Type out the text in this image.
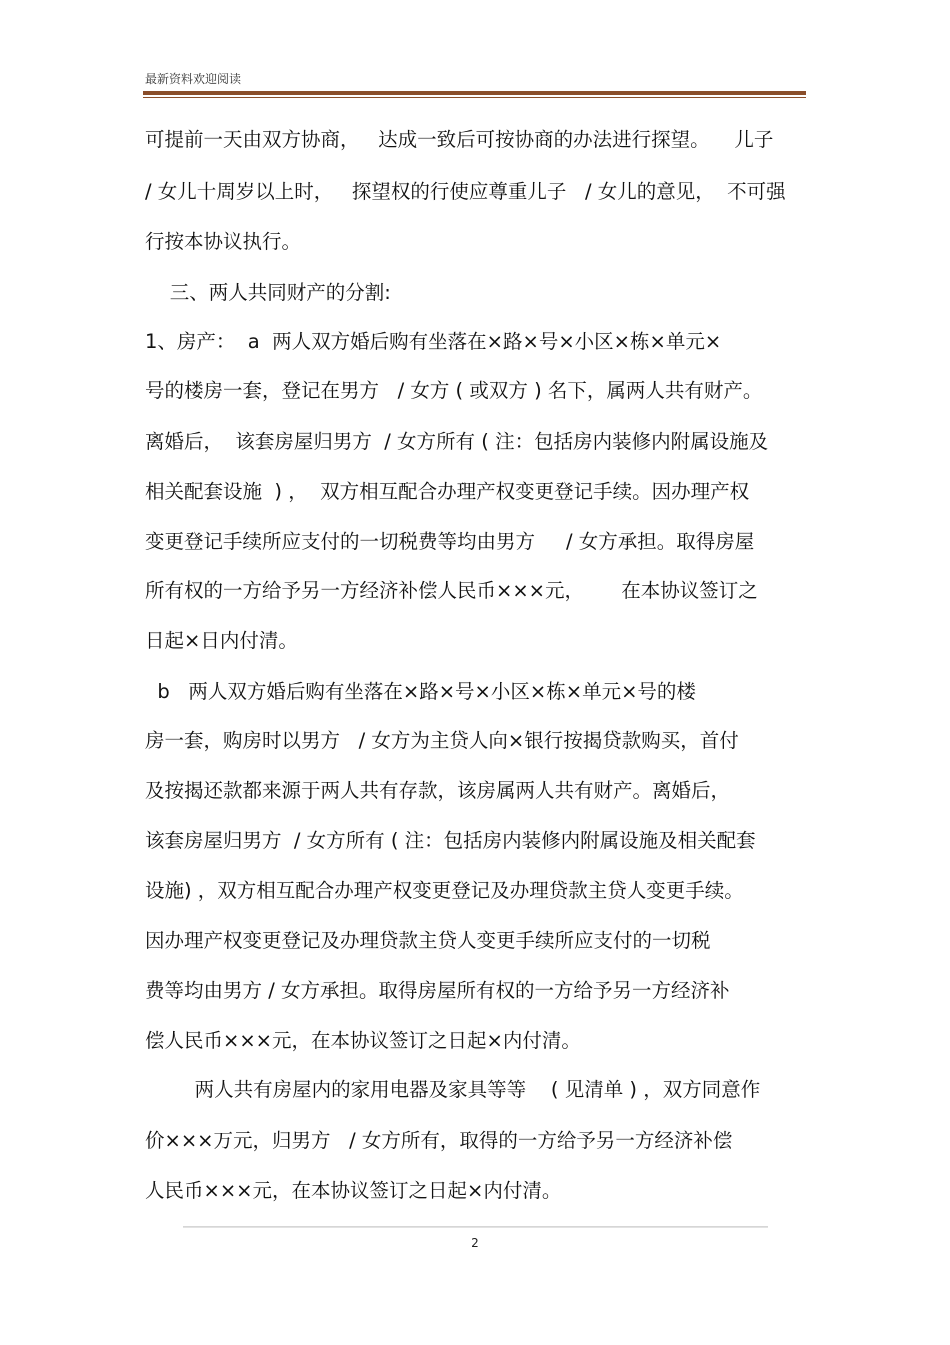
最新资料欢迎阅读
可提前一天由双方协商，   达成一致后可按协商的办法进行探望。    儿子
/ 女儿十周岁以上时，   探望权的行使应尊重儿子   / 女儿的意见，  不可强
行按本协议执行。
三、两人共同财产的分割:
1、房产：  a  两人双方婚后购有坐落在×路×号×小区×栋×单元×
号的楼房一套，登记在男方   / 女方 ( 或双方 ) 名下，属两人共有财产。
离婚后，  该套房屋归男方  / 女方所有 ( 注：包括房内装修内附属设施及
相关配套设施  ) ，  双方相互配合办理产权变更登记手续。因办理产权
变更登记手续所应支付的一切税费等均由男方     / 女方承担。取得房屋
所有权的一方给予另一方经济补偿人民币×××元，      在本协议签订之
日起×日内付清。
b   两人双方婚后购有坐落在×路×号×小区×栋×单元×号的楼
房一套，购房时以男方   / 女方为主贷人向×银行按揭贷款购买，首付
及按揭还款都来源于两人共有存款，该房属两人共有财产。离婚后，
该套房屋归男方  / 女方所有 ( 注：包括房内装修内附属设施及相关配套
设施) ，双方相互配合办理产权变更登记及办理贷款主贷人变更手续。
因办理产权变更登记及办理贷款主贷人变更手续所应支付的一切税
费等均由男方 / 女方承担。取得房屋所有权的一方给予另一方经济补
偿人民币×××元，在本协议签订之日起×内付清。
两人共有房屋内的家用电器及家具等等    ( 见清单 ) ，双方同意作
价×××万元，归男方   / 女方所有，取得的一方给予另一方经济补偿
人民币×××元，在本协议签订之日起×内付清。
2
